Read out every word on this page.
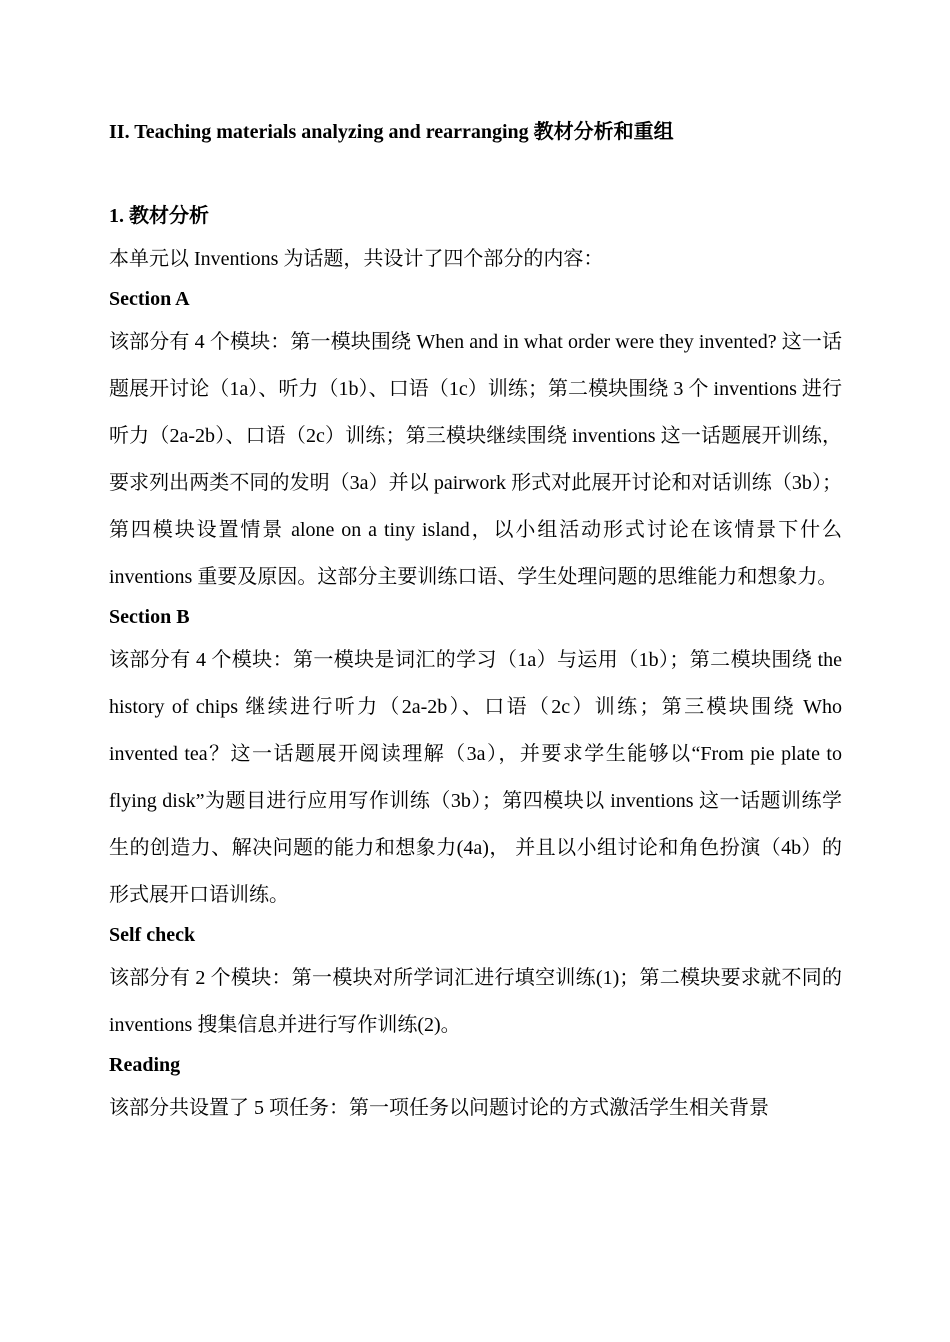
II. Teaching materials analyzing and rearranging 教材分析和重组
1. 教材分析

本单元以 Inventions 为话题，共设计了四个部分的内容：

Section A

该部分有 4 个模块：第一模块围绕 When and in what order were they invented? 这一话题展开讨论（1a）、听力（1b）、口语（1c）训练；第二模块围绕 3 个 inventions 进行听力（2a-2b）、口语（2c）训练；第三模块继续围绕 inventions 这一话题展开训练，要求列出两类不同的发明（3a）并以 pairwork 形式对此展开讨论和对话训练（3b）；第四模块设置情景 alone on a tiny island，以小组活动形式讨论在该情景下什么 inventions 重要及原因。这部分主要训练口语、学生处理问题的思维能力和想象力。

Section B

该部分有 4 个模块：第一模块是词汇的学习（1a）与运用（1b）；第二模块围绕 the history of chips 继续进行听力（2a-2b）、口语（2c）训练；第三模块围绕 Who invented tea？这一话题展开阅读理解（3a），并要求学生能够以“From pie plate to flying disk”为题目进行应用写作训练（3b）；第四模块以 inventions 这一话题训练学生的创造力、解决问题的能力和想象力(4a)， 并且以小组讨论和角色扮演（4b）的形式展开口语训练。

Self check

该部分有 2 个模块：第一模块对所学词汇进行填空训练(1)；第二模块要求就不同的 inventions 搜集信息并进行写作训练(2)。

Reading

该部分共设置了 5 项任务：第一项任务以问题讨论的方式激活学生相关背景
